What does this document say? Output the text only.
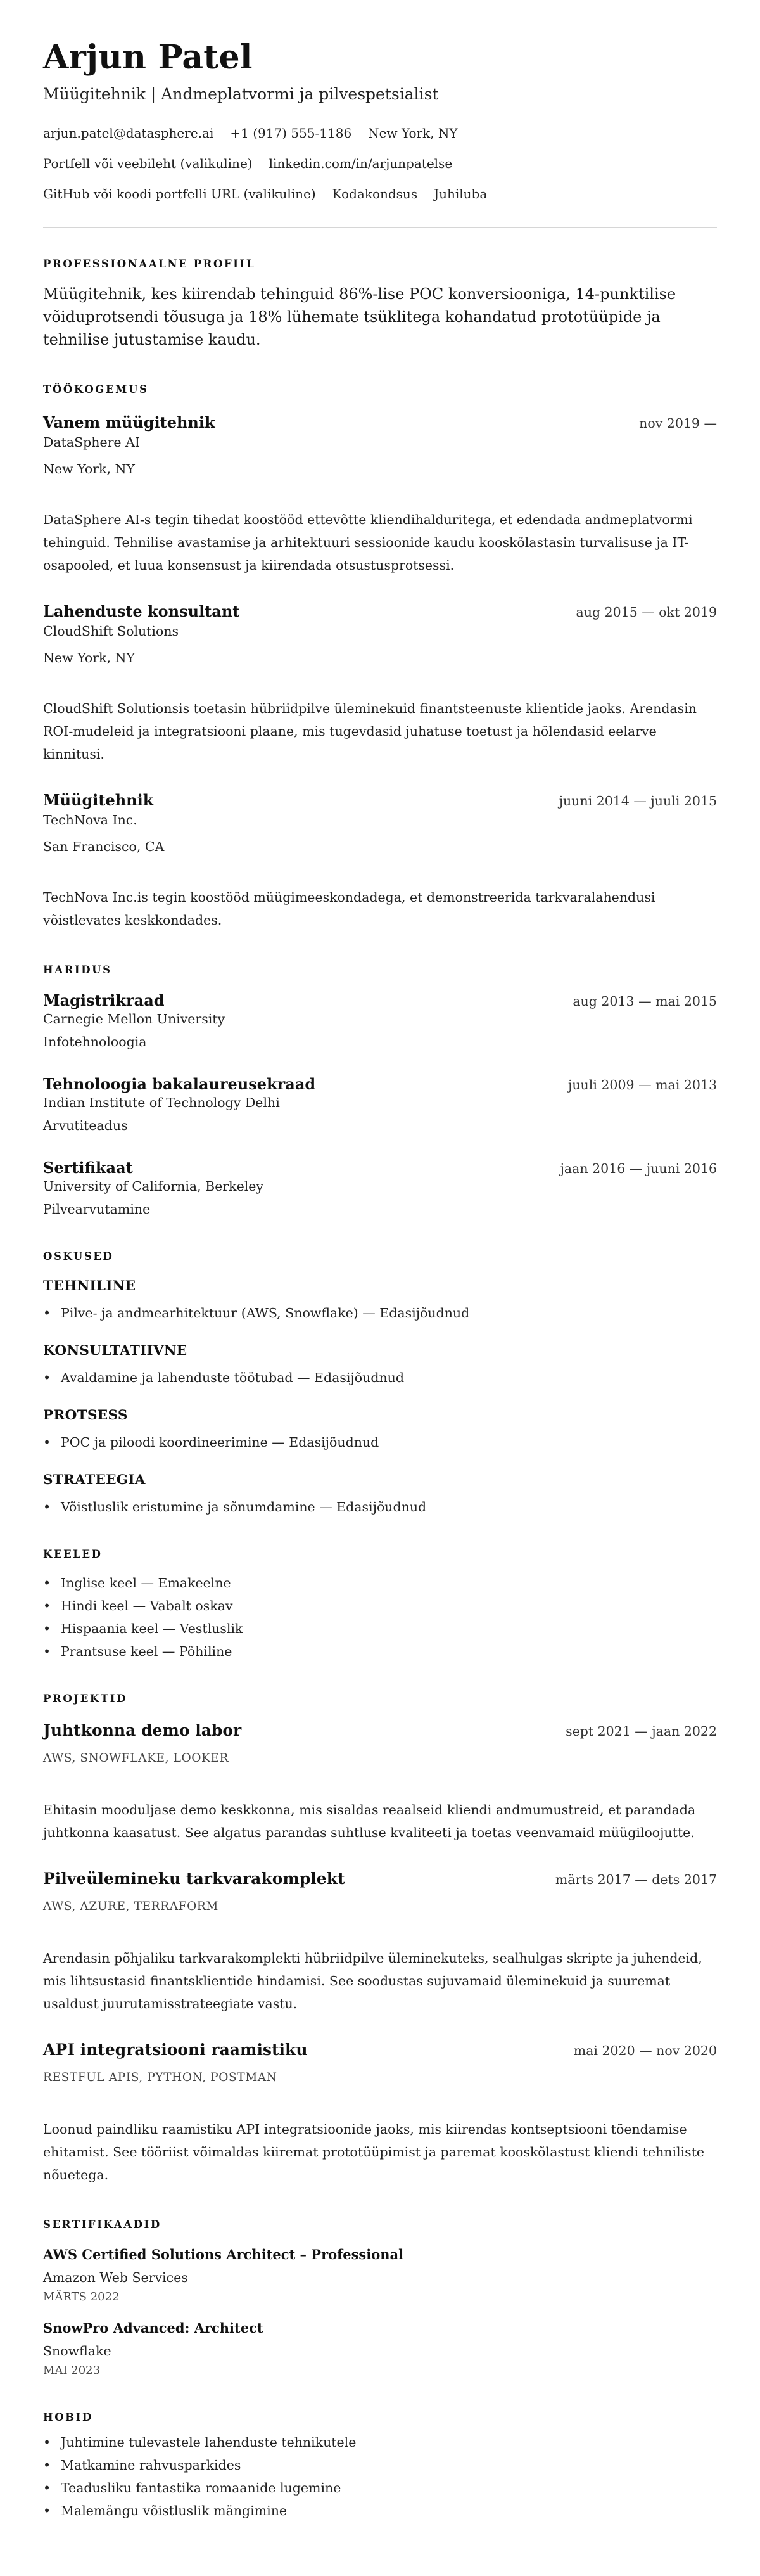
Arjun Patel
Müügitehnik | Andmeplatvormi ja pilvespetsialist
arjun.patel@datasphere.ai +1 (917) 555-1186 New York, NY
Portfell või veebileht (valikuline) linkedin.com/in/arjunpatelse
GitHub või koodi portfelli URL (valikuline) Kodakondsus Juhiluba
PROFESSIONAALNE PROFIIL

Müügitehnik, kes kiirendab tehinguid 86%-lise POC konversiooniga, 14-punktilise võiduprotsendi tõusuga ja 18% lühemate tsüklitega kohandatud prototüüpide ja tehnilise jutustamise kaudu.

TÖÖKOGEMUS
Vanem müügitehnik	nov 2019 —
DataSphere AI
New York, NY

DataSphere AI-s tegin tihedat koostööd ettevõtte kliendihalduritega, et edendada andmeplatvormi tehinguid. Tehnilise avastamise ja arhitektuuri sessioonide kaudu kooskõlastasin turvalisuse ja IT-osapooled, et luua konsensust ja kiirendada otsustusprotsessi.

Lahenduste konsultant	aug 2015 — okt 2019
CloudShift Solutions
New York, NY

CloudShift Solutionsis toetasin hübriidpilve üleminekuid finantsteenuste klientide jaoks. Arendasin ROI-mudeleid ja integratsiooni plaane, mis tugevdasid juhatuse toetust ja hõlendasid eelarve kinnitusi.

Müügitehnik	juuni 2014 — juuli 2015
TechNova Inc.
San Francisco, CA

TechNova Inc.is tegin koostööd müügimeeskondadega, et demonstreerida tarkvaralahendusi võistlevates keskkondades.

HARIDUS
Magistrikraad	aug 2013 — mai 2015
Carnegie Mellon University
Infotehnoloogia
Tehnoloogia bakalaureusekraad	juuli 2009 — mai 2013
Indian Institute of Technology Delhi
Arvutiteadus
Sertifikaat	jaan 2016 — juuni 2016
University of California, Berkeley
Pilvearvutamine
OSKUSED
TEHNILINE
• Pilve- ja andmearhitektuur (AWS, Snowflake) — Edasijõudnud
KONSULTATIIVNE
• Avaldamine ja lahenduste töötubad — Edasijõudnud
PROTSESS
• POC ja piloodi koordineerimine — Edasijõudnud
STRATEEGIA
• Võistluslik eristumine ja sõnumdamine — Edasijõudnud
KEELED
• Inglise keel — Emakeelne
• Hindi keel — Vabalt oskav
• Hispaania keel — Vestluslik
• Prantsuse keel — Põhiline
PROJEKTID
Juhtkonna demo labor	sept 2021 — jaan 2022
AWS, SNOWFLAKE, LOOKER

Ehitasin mooduljase demo keskkonna, mis sisaldas reaalseid kliendi andmumustreid, et parandada juhtkonna kaasatust. See algatus parandas suhtluse kvaliteeti ja toetas veenvamaid müügiloojutte.

Pilveülemineku tarkvarakomplekt	märts 2017 — dets 2017
AWS, AZURE, TERRAFORM

Arendasin põhjaliku tarkvarakomplekti hübriidpilve üleminekuteks, sealhulgas skripte ja juhendeid, mis lihtsustasid finantsklientide hindamisi. See soodustas sujuvamaid üleminekuid ja suuremat usaldust juurutamisstrateegiate vastu.

API integratsiooni raamistiku	mai 2020 — nov 2020
RESTFUL APIS, PYTHON, POSTMAN

Loonud paindliku raamistiku API integratsioonide jaoks, mis kiirendas kontseptsiooni tõendamise ehitamist. See tööriist võimaldas kiiremat prototüüpimist ja paremat kooskõlastust kliendi tehniliste nõuetega.

SERTIFIKAADID
AWS Certified Solutions Architect – Professional
Amazon Web Services
MÄRTS 2022
SnowPro Advanced: Architect
Snowflake
MAI 2023
HOBID
• Juhtimine tulevastele lahenduste tehnikutele
• Matkamine rahvusparkides
• Teadusliku fantastika romaanide lugemine
• Malemängu võistluslik mängimine
